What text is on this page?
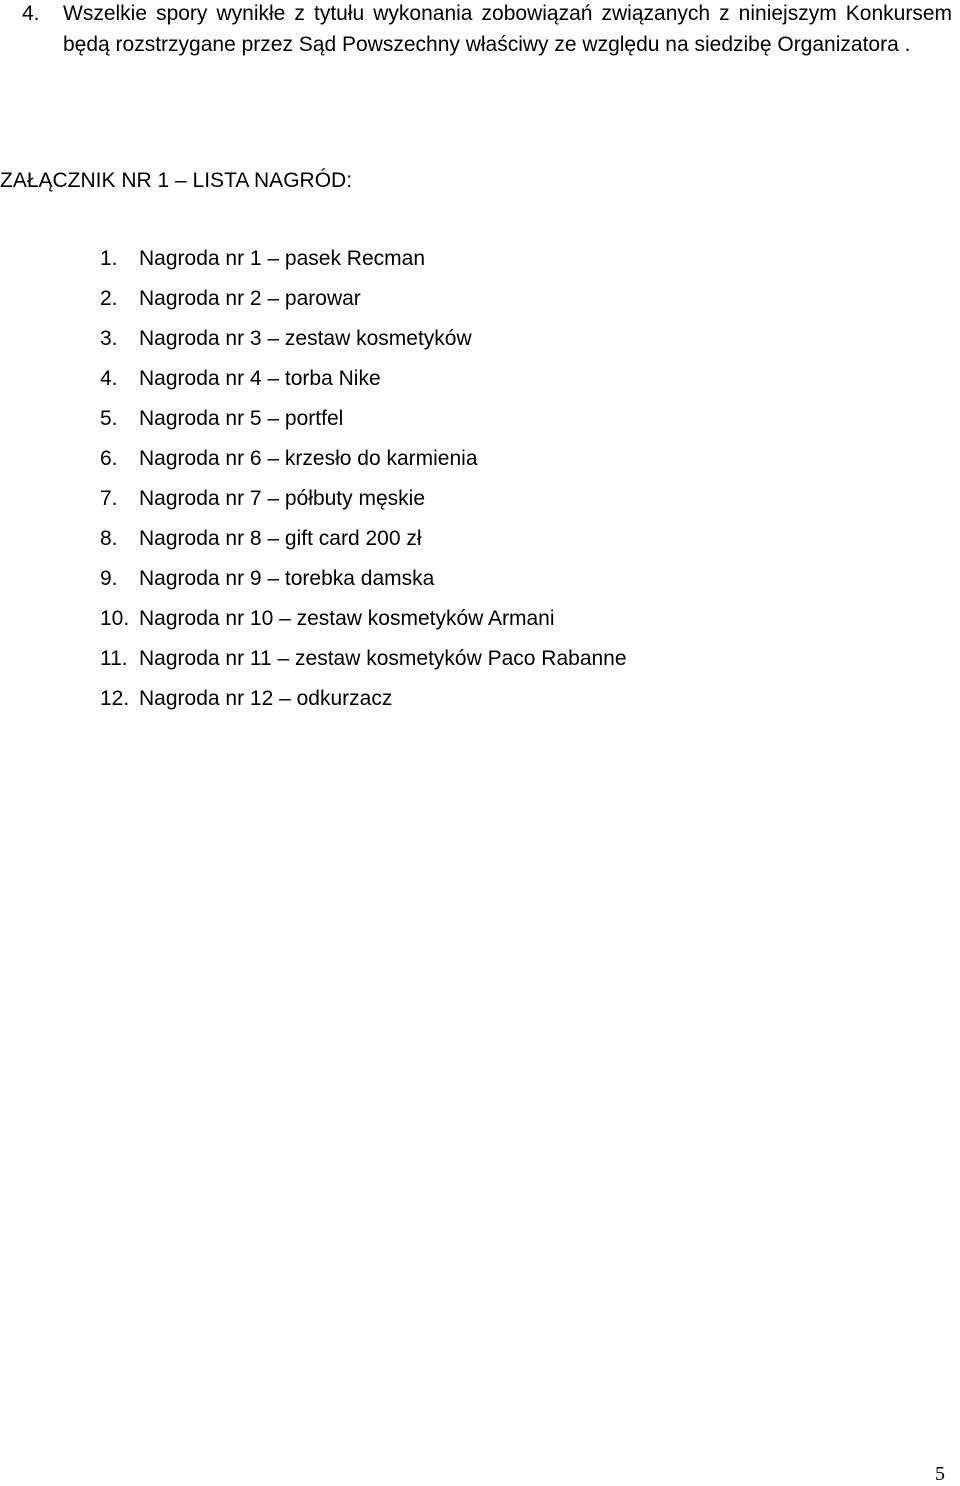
4. Wszelkie spory wynikłe z tytułu wykonania zobowiązań związanych z niniejszym Konkursem
będą rozstrzygane przez Sąd Powszechny właściwy ze względu na siedzibę Organizatora .
ZAŁĄCZNIK NR 1 – LISTA NAGRÓD:
1. Nagroda nr 1 – pasek Recman
2. Nagroda nr 2 – parowar
3. Nagroda nr 3 – zestaw kosmetyków
4. Nagroda nr 4 – torba Nike
5. Nagroda nr 5 – portfel
6. Nagroda nr 6 – krzesło do karmienia
7. Nagroda nr 7 – półbuty męskie
8. Nagroda nr 8 – gift card 200 zł
9. Nagroda nr 9 – torebka damska
10. Nagroda nr 10 – zestaw kosmetyków Armani
11. Nagroda nr 11 – zestaw kosmetyków Paco Rabanne
12. Nagroda nr 12 – odkurzacz
5
